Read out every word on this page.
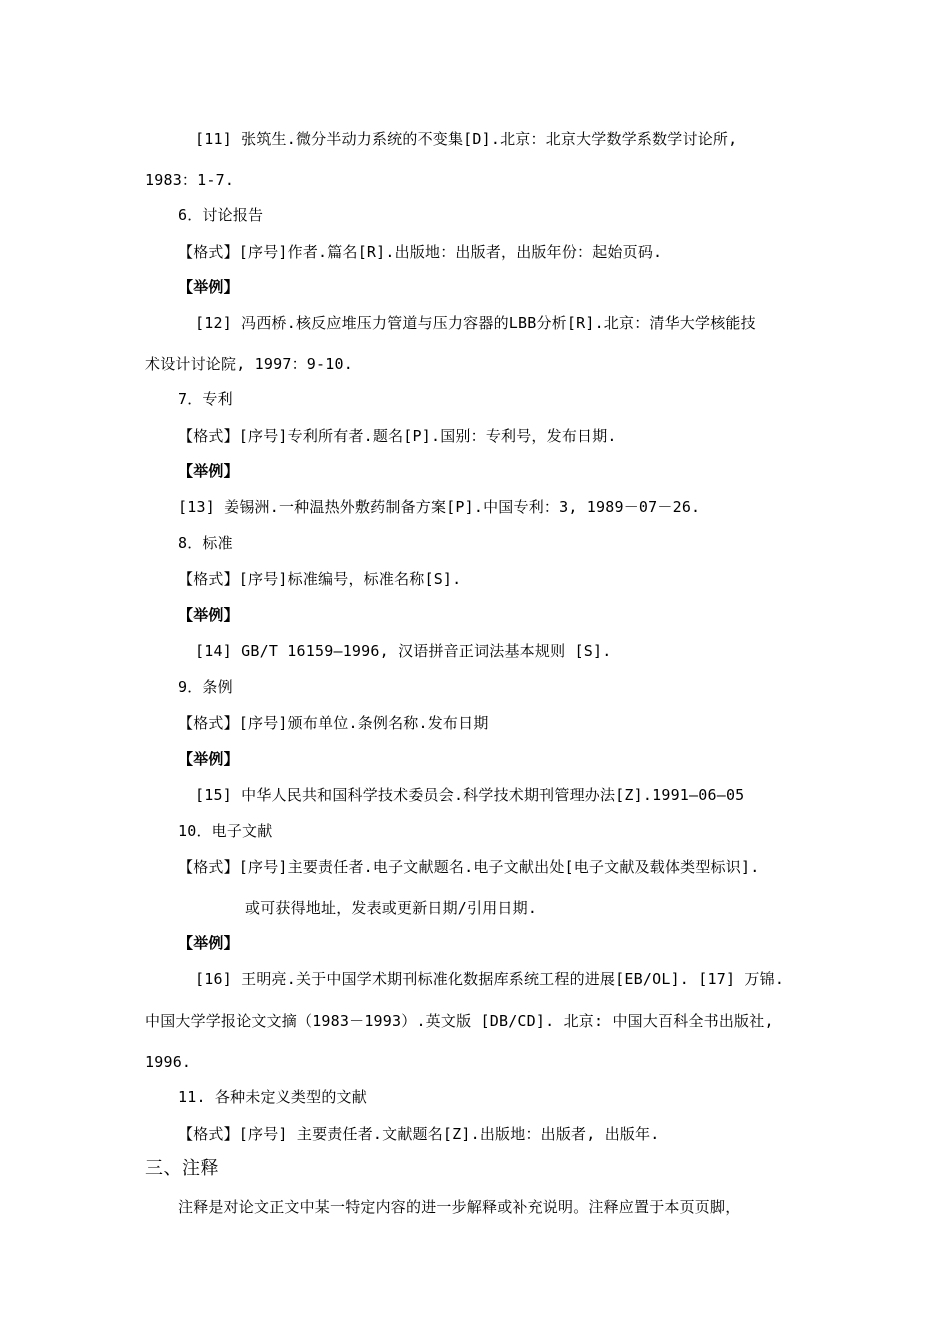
[11] 张筑生.微分半动力系统的不变集[D].北京：北京大学数学系数学讨论所,
1983：1-7.
6．讨论报告
【格式】[序号]作者.篇名[R].出版地：出版者，出版年份：起始页码.
【举例】
[12] 冯西桥.核反应堆压力管道与压力容器的LBB分析[R].北京：清华大学核能技
术设计讨论院, 1997：9-10.
7．专利
【格式】[序号]专利所有者.题名[P].国别：专利号，发布日期.
【举例】
[13] 姜锡洲.一种温热外敷药制备方案[P].中国专利：3, 1989－07－26.
8．标准
【格式】[序号]标准编号，标准名称[S].
【举例】
[14] GB/T 16159—1996, 汉语拼音正词法基本规则 [S].
9．条例
【格式】[序号]颁布单位.条例名称.发布日期
【举例】
[15] 中华人民共和国科学技术委员会.科学技术期刊管理办法[Z].1991—06—05
10．电子文献
【格式】[序号]主要责任者.电子文献题名.电子文献出处[电子文献及载体类型标识].
或可获得地址，发表或更新日期/引用日期.
【举例】
[16] 王明亮.关于中国学术期刊标准化数据库系统工程的进展[EB/OL]. [17] 万锦.
中国大学学报论文文摘（1983－1993）.英文版 [DB/CD]. 北京: 中国大百科全书出版社,
1996.
11. 各种未定义类型的文献
【格式】[序号] 主要责任者.文献题名[Z].出版地：出版者, 出版年.
三、注释
注释是对论文正文中某一特定内容的进一步解释或补充说明。注释应置于本页页脚，
